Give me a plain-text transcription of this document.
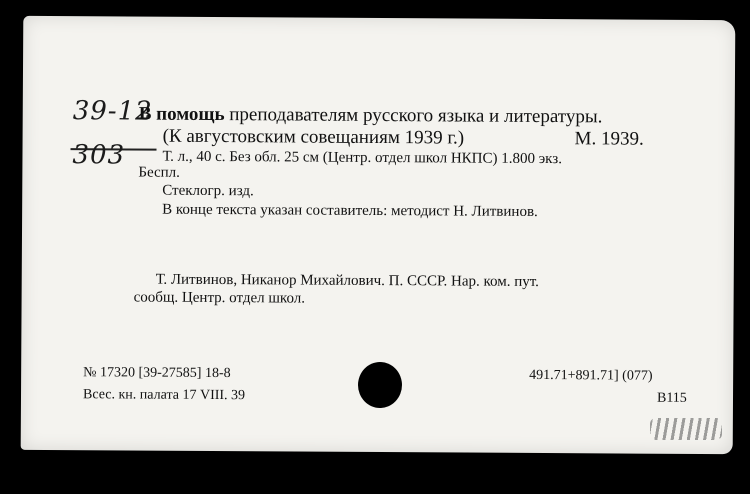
39-12
303
В помощь преподавателям русского языка и литературы.
(К августовским совещаниям 1939 г.)	М. 1939.
Т. л., 40 с. Без обл. 25 см (Центр. отдел школ НКПС) 1.800 экз.
Беспл.
Стеклогр. изд.
В конце текста указан составитель: методист Н. Литвинов.
Т. Литвинов, Никанор Михайлович. П. СССР. Нар. ком. пут.
сообщ. Центр. отдел школ.
№ 17320 [39-27585] 18-8
Всес. кн. палата 17 VIII. 39
491.71+891.71] (077)
В115
